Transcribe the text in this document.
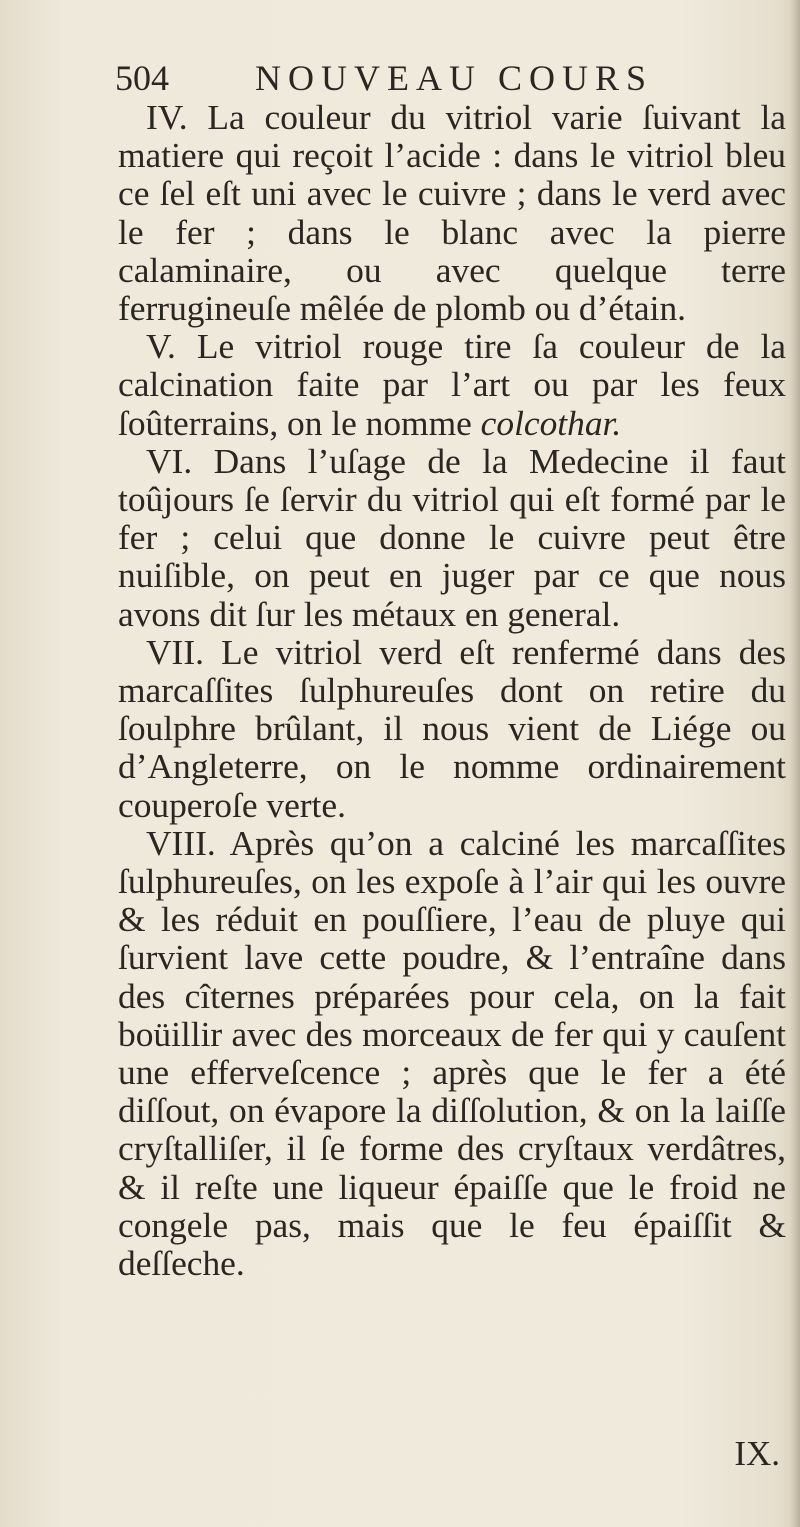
504 NOUVEAU COURS

IV. La couleur du vitriol varie ſuivant la matiere qui reçoit l’acide : dans le vitriol bleu ce ſel eſt uni avec le cuivre ; dans le verd avec le fer ; dans le blanc avec la pierre calaminaire, ou avec quelque terre ferrugineuſe mêlée de plomb ou d’étain.

V. Le vitriol rouge tire ſa couleur de la calcination faite par l’art ou par les feux ſoûterrains, on le nomme colcothar.

VI. Dans l’uſage de la Medecine il faut toûjours ſe ſervir du vitriol qui eſt formé par le fer ; celui que donne le cuivre peut être nuiſible, on peut en juger par ce que nous avons dit ſur les métaux en general.

VII. Le vitriol verd eſt renfermé dans des marcaſſites ſulphureuſes dont on retire du ſoulphre brûlant, il nous vient de Liége ou d’Angleterre, on le nomme ordinairement couperoſe verte.

VIII. Après qu’on a calciné les marcaſſites ſulphureuſes, on les expoſe à l’air qui les ouvre & les réduit en pouſſiere, l’eau de pluye qui ſurvient lave cette poudre, & l’entraîne dans des cîternes préparées pour cela, on la fait boüillir avec des morceaux de fer qui y cauſent une efferveſcence ; après que le fer a été diſſout, on évapore la diſſolution, & on la laiſſe cryſtalliſer, il ſe forme des cryſtaux verdâtres, & il reſte une liqueur épaiſſe que le froid ne congele pas, mais que le feu épaiſſit & deſſeche.

IX.
